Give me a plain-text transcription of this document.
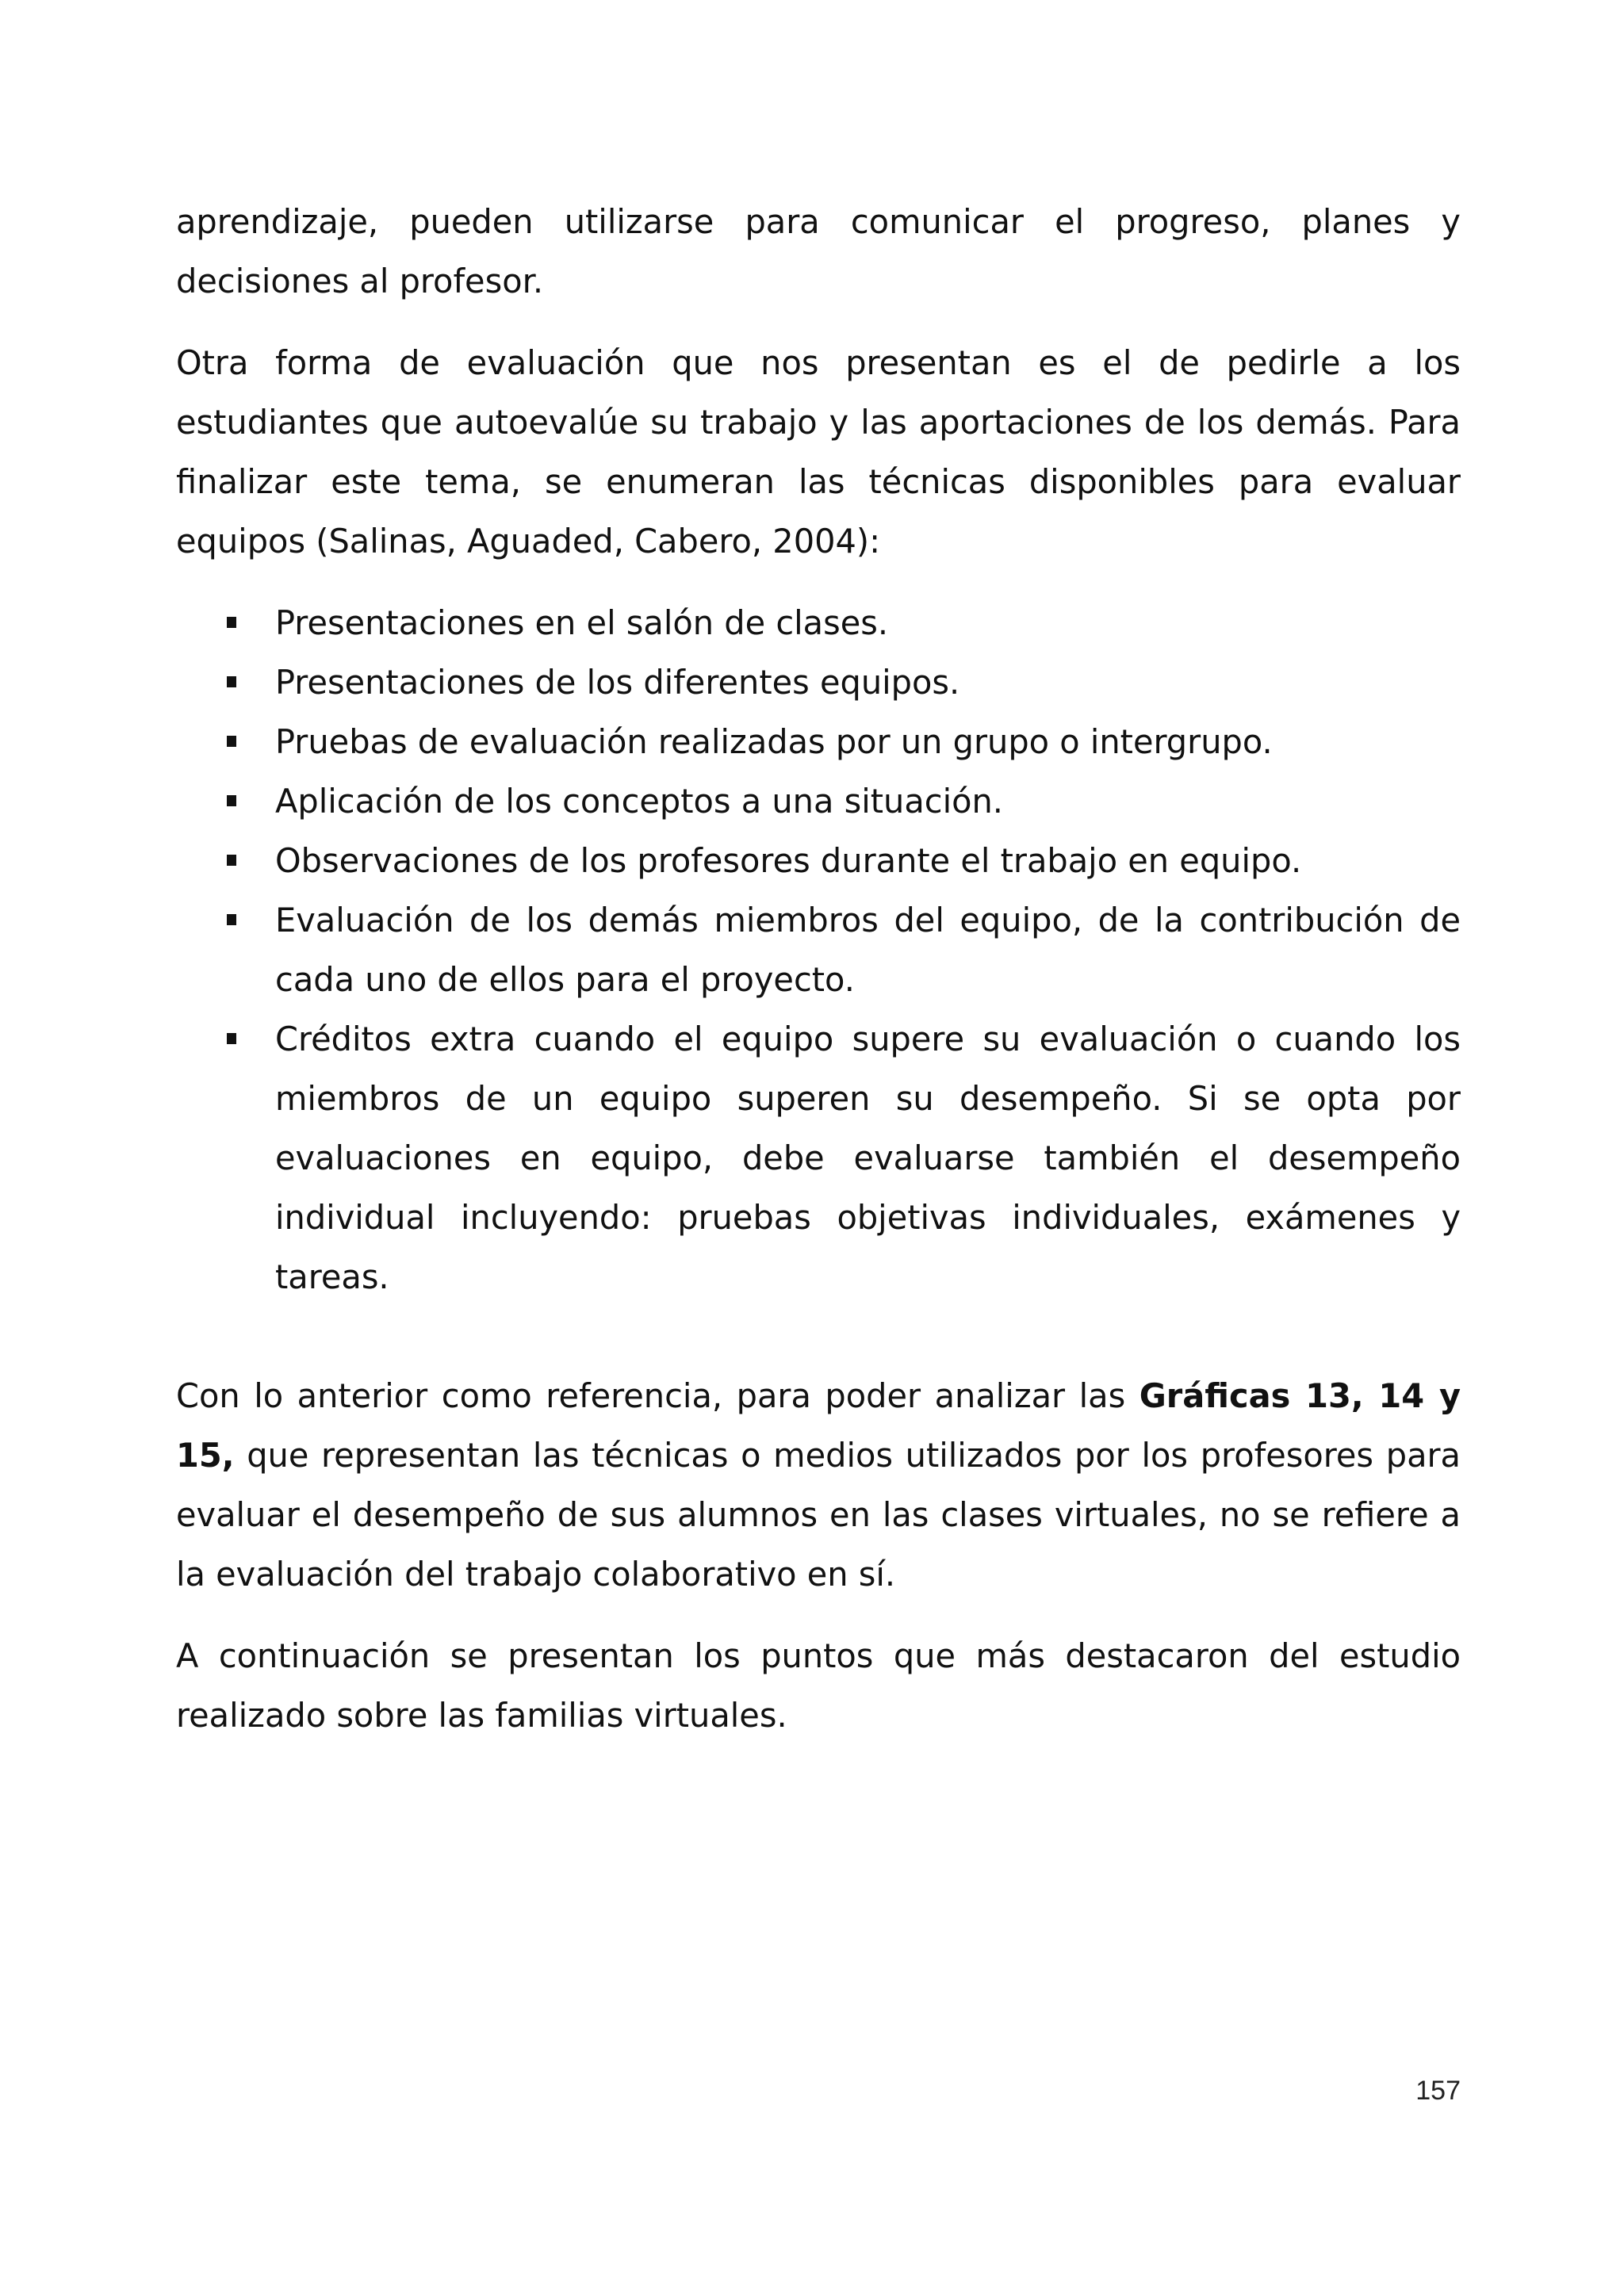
aprendizaje, pueden utilizarse para comunicar el progreso, planes y decisiones al profesor.

Otra forma de evaluación que nos presentan es el de pedirle a los estudiantes que autoevalúe su trabajo y las aportaciones de los demás. Para finalizar este tema, se enumeran las técnicas disponibles para evaluar equipos (Salinas, Aguaded, Cabero, 2004):

Presentaciones en el salón de clases.
Presentaciones de los diferentes equipos.
Pruebas de evaluación realizadas por un grupo o intergrupo.
Aplicación de los conceptos a una situación.
Observaciones de los profesores durante el trabajo en equipo.
Evaluación de los demás miembros del equipo, de la contribución de cada uno de ellos para el proyecto.
Créditos extra cuando el equipo supere su evaluación o cuando los miembros de un equipo superen su desempeño. Si se opta por evaluaciones en equipo, debe evaluarse también el desempeño individual incluyendo: pruebas objetivas individuales, exámenes y tareas.

Con lo anterior como referencia, para poder analizar las Gráficas 13, 14 y 15, que representan las técnicas o medios utilizados por los profesores para evaluar el desempeño de sus alumnos en las clases virtuales, no se refiere a la evaluación del trabajo colaborativo en sí.

A continuación se presentan los puntos que más destacaron del estudio realizado sobre las familias virtuales.

157
